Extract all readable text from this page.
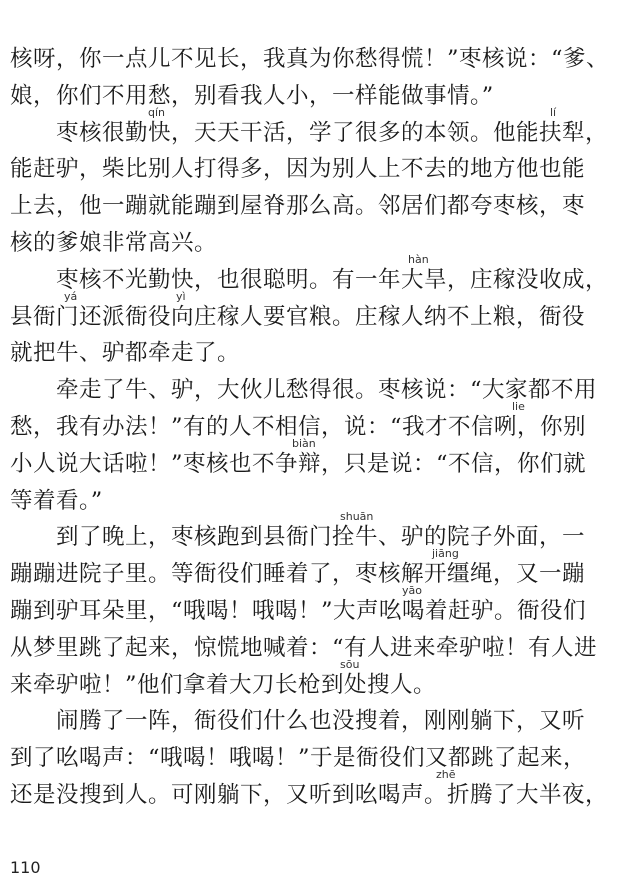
核呀，你一点儿不见长，我真为你愁得慌！”枣核说：“爹、
娘，你们不用愁，别看我人小，一样能做事情。”
qín	lí
枣核很勤快，天天干活，学了很多的本领。他能扶犁，
能赶驴，柴比别人打得多，因为别人上不去的地方他也能
上去，他一蹦就能蹦到屋脊那么高。邻居们都夸枣核，枣
核的爹娘非常高兴。
hàn
枣核不光勤快，也很聪明。有一年大旱，庄稼没收成，
yá	yì
县衙门还派衙役向庄稼人要官粮。庄稼人纳不上粮，衙役
就把牛、驴都牵走了。
牵走了牛、驴，大伙儿愁得很。枣核说：“大家都不用
lie
愁，我有办法！”有的人不相信，说：“我才不信咧，你别
biàn
小人说大话啦！”枣核也不争辩，只是说：“不信，你们就
等着看。”
shuān
到了晚上，枣核跑到县衙门拴牛、驴的院子外面，一
jiāng
蹦蹦进院子里。等衙役们睡着了，枣核解开缰绳，又一蹦
yāo
蹦到驴耳朵里，“哦喝！哦喝！”大声吆喝着赶驴。衙役们
从梦里跳了起来，惊慌地喊着：“有人进来牵驴啦！有人进
sōu
来牵驴啦！”他们拿着大刀长枪到处搜人。
闹腾了一阵，衙役们什么也没搜着，刚刚躺下，又听
到了吆喝声：“哦喝！哦喝！”于是衙役们又都跳了起来，
zhē
还是没搜到人。可刚躺下，又听到吆喝声。折腾了大半夜，
110
